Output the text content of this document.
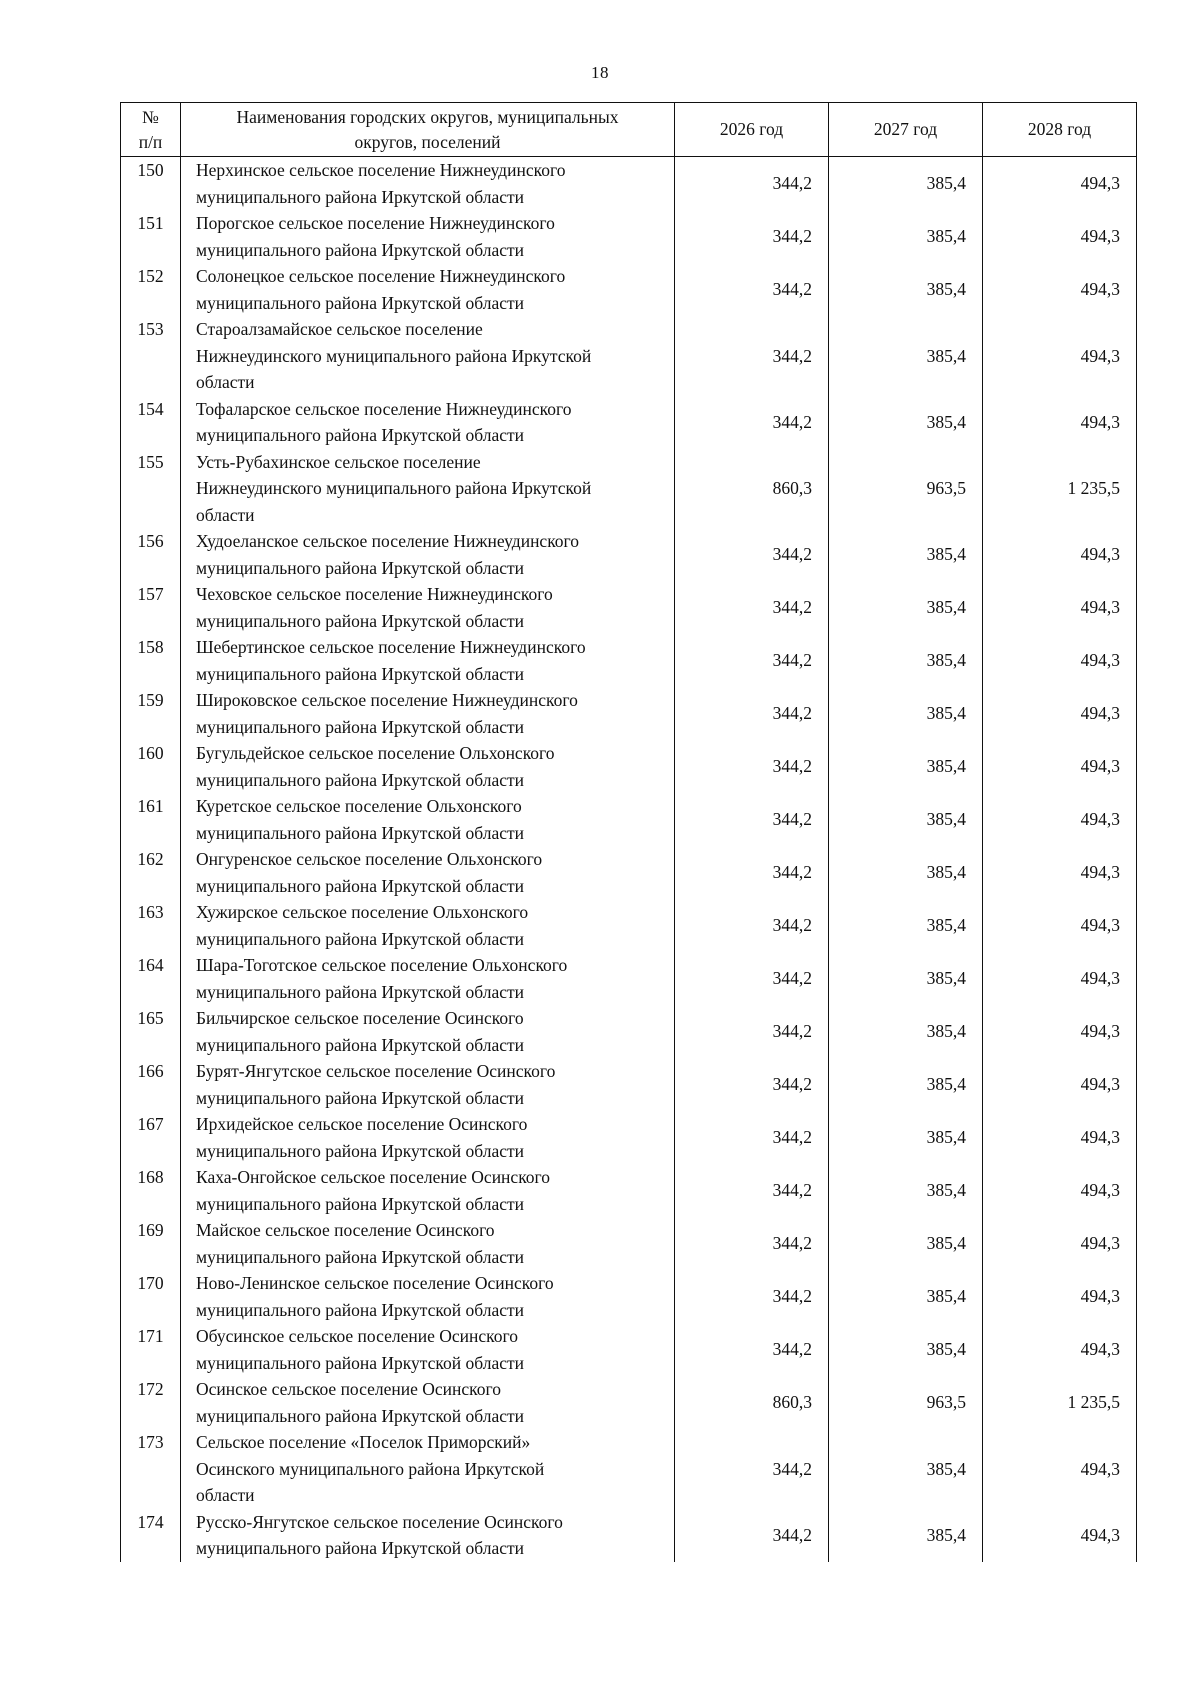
18
№
п/п	Наименования городских округов, муниципальных
округов, поселений	2026 год	2027 год	2028 год
150	Нерхинское сельское поселение Нижнеудинского
муниципального района Иркутской области	344,2	385,4	494,3
151	Порогское сельское поселение Нижнеудинского
муниципального района Иркутской области	344,2	385,4	494,3
152	Солонецкое сельское поселение Нижнеудинского
муниципального района Иркутской области	344,2	385,4	494,3
153	Староалзамайское сельское поселение
Нижнеудинского муниципального района Иркутской
области	344,2	385,4	494,3
154	Тофаларское сельское поселение Нижнеудинского
муниципального района Иркутской области	344,2	385,4	494,3
155	Усть-Рубахинское сельское поселение
Нижнеудинского муниципального района Иркутской
области	860,3	963,5	1 235,5
156	Худоеланское сельское поселение Нижнеудинского
муниципального района Иркутской области	344,2	385,4	494,3
157	Чеховское сельское поселение Нижнеудинского
муниципального района Иркутской области	344,2	385,4	494,3
158	Шебертинское сельское поселение Нижнеудинского
муниципального района Иркутской области	344,2	385,4	494,3
159	Широковское сельское поселение Нижнеудинского
муниципального района Иркутской области	344,2	385,4	494,3
160	Бугульдейское сельское поселение Ольхонского
муниципального района Иркутской области	344,2	385,4	494,3
161	Куретское сельское поселение Ольхонского
муниципального района Иркутской области	344,2	385,4	494,3
162	Онгуренское сельское поселение Ольхонского
муниципального района Иркутской области	344,2	385,4	494,3
163	Хужирское сельское поселение Ольхонского
муниципального района Иркутской области	344,2	385,4	494,3
164	Шара-Тоготское сельское поселение Ольхонского
муниципального района Иркутской области	344,2	385,4	494,3
165	Бильчирское сельское поселение Осинского
муниципального района Иркутской области	344,2	385,4	494,3
166	Бурят-Янгутское сельское поселение Осинского
муниципального района Иркутской области	344,2	385,4	494,3
167	Ирхидейское сельское поселение Осинского
муниципального района Иркутской области	344,2	385,4	494,3
168	Каха-Онгойское сельское поселение Осинского
муниципального района Иркутской области	344,2	385,4	494,3
169	Майское сельское поселение Осинского
муниципального района Иркутской области	344,2	385,4	494,3
170	Ново-Ленинское сельское поселение Осинского
муниципального района Иркутской области	344,2	385,4	494,3
171	Обусинское сельское поселение Осинского
муниципального района Иркутской области	344,2	385,4	494,3
172	Осинское сельское поселение Осинского
муниципального района Иркутской области	860,3	963,5	1 235,5
173	Сельское поселение «Поселок Приморский»
Осинского муниципального района Иркутской
области	344,2	385,4	494,3
174	Русско-Янгутское сельское поселение Осинского
муниципального района Иркутской области	344,2	385,4	494,3
